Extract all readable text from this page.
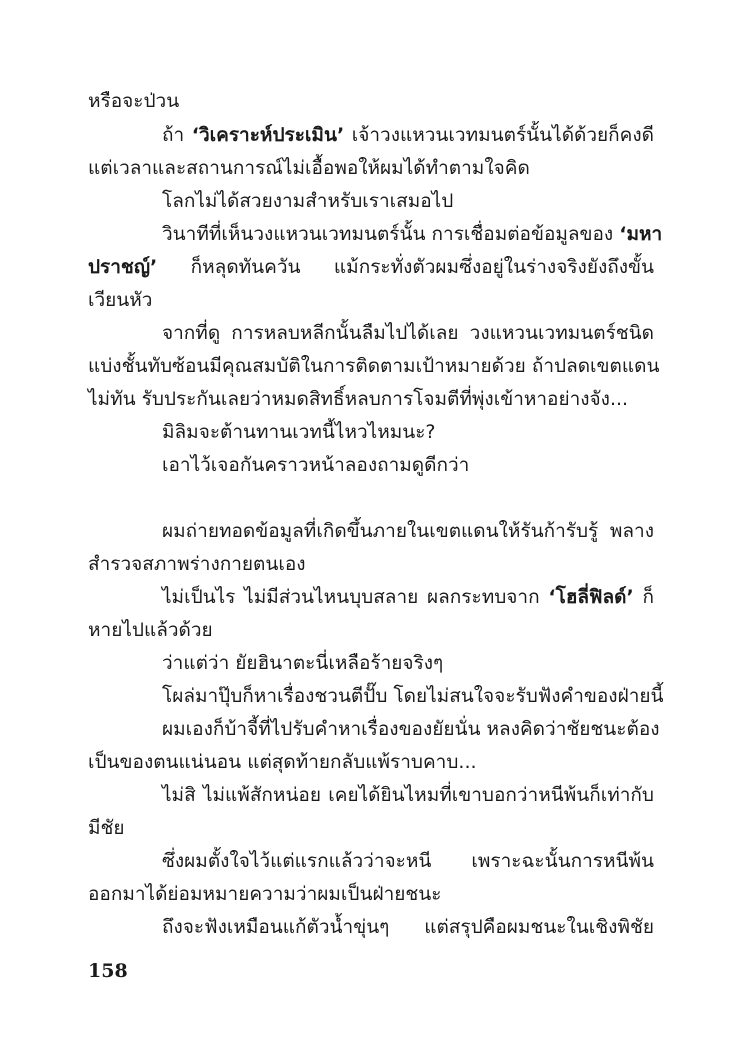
หรือจะป่วน
ถ้า ‘วิเคราะห์ประเมิน’ เจ้าวงแหวนเวทมนตร์นั้นได้ด้วยก็คงดี
แต่เวลาและสถานการณ์ไม่เอื้อพอให้ผมได้ทำตามใจคิด
โลกไม่ได้สวยงามสำหรับเราเสมอไป
วินาทีที่เห็นวงแหวนเวทมนตร์นั้น การเชื่อมต่อข้อมูลของ ‘มหา
ปราชญ์’ ก็หลุดทันควัน แม้กระทั่งตัวผมซึ่งอยู่ในร่างจริงยังถึงขั้น
เวียนหัว
จากที่ดู การหลบหลีกนั้นลืมไปได้เลย วงแหวนเวทมนตร์ชนิด
แบ่งชั้นทับซ้อนมีคุณสมบัติในการติดตามเป้าหมายด้วย ถ้าปลดเขตแดน
ไม่ทัน รับประกันเลยว่าหมดสิทธิ์หลบการโจมตีที่พุ่งเข้าหาอย่างจัง...
มิลิมจะต้านทานเวทนี้ไหวไหมนะ?
เอาไว้เจอกันคราวหน้าลองถามดูดีกว่า
ผมถ่ายทอดข้อมูลที่เกิดขึ้นภายในเขตแดนให้รันก้ารับรู้ พลาง
สำรวจสภาพร่างกายตนเอง
ไม่เป็นไร ไม่มีส่วนไหนบุบสลาย ผลกระทบจาก ‘โฮลี่ฟิลด์’ ก็
หายไปแล้วด้วย
ว่าแต่ว่า ยัยฮินาตะนี่เหลือร้ายจริงๆ
โผล่มาปุ๊บก็หาเรื่องชวนตีปั๊บ โดยไม่สนใจจะรับฟังคำของฝ่ายนี้
ผมเองก็บ้าจี้ที่ไปรับคำหาเรื่องของยัยนั่น หลงคิดว่าชัยชนะต้อง
เป็นของตนแน่นอน แต่สุดท้ายกลับแพ้ราบคาบ...
ไม่สิ ไม่แพ้สักหน่อย เคยได้ยินไหมที่เขาบอกว่าหนีพ้นก็เท่ากับ
มีชัย
ซึ่งผมตั้งใจไว้แต่แรกแล้วว่าจะหนี เพราะฉะนั้นการหนีพ้น
ออกมาได้ย่อมหมายความว่าผมเป็นฝ่ายชนะ
ถึงจะฟังเหมือนแก้ตัวน้ำขุ่นๆ แต่สรุปคือผมชนะในเชิงพิชัย
158
